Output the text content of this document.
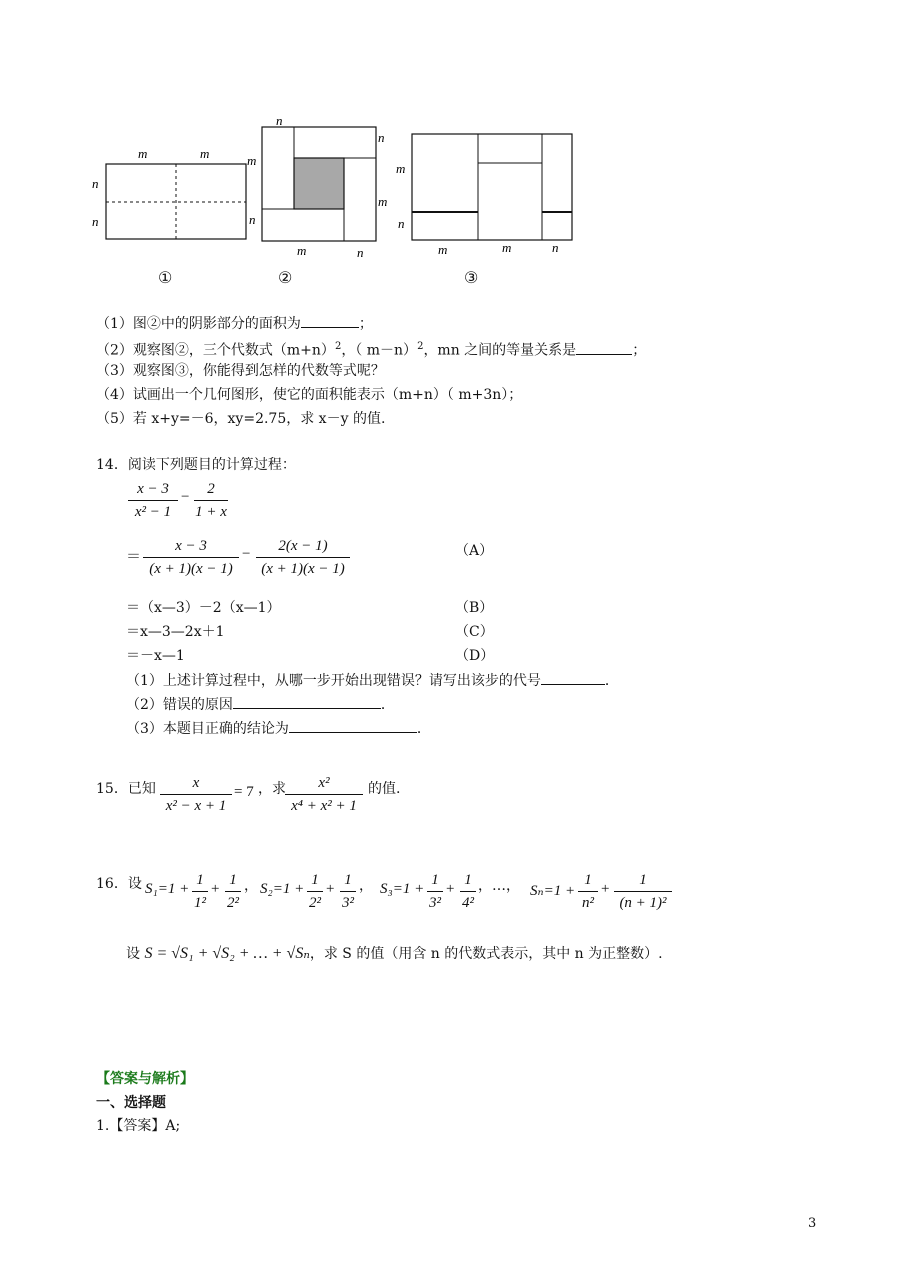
m	m
n
n
n
m
n
m
n
m	n
m
n
m	m	n
①	②	③
（1）图②中的阴影部分的面积为	；
（2）观察图②，三个代数式$(m+n)^2$，（ m－n）$^2$，mn 之间的等量关系是	；
（3）观察图③，你能得到怎样的代数等式呢？
（4）试画出一个几何图形，使它的面积能表示（m+n）（ m+3n）；
（5）若 x+y=－6，xy=2.75，求 x－y 的值.
14．阅读下列题目的计算过程：
x − 3
x² − 1
−	2
1 + x
＝
x − 3
(x + 1)(x − 1)
−	2(x − 1)
(x + 1)(x − 1)
（A）
＝（x—3）－2（x—1）	（B）
＝x—3—2x＋1	（C）
＝－x—1	（D）
（1）上述计算过程中，从哪一步开始出现错误？请写出该步的代号	．
（2）错误的原因	．
（3）本题目正确的结论为	．
15．已知	x
x² − x + 1
= 7 ，求	x²
x⁴ + x² + 1
的值.
16．设 S₁=1 +
1
1²
+
1
2²
， S₂=1 +
1
2²
+
1
3²
， S₃=1 +
1
3²
+
1
4²
，…， Sₙ=1 +
1
n²
+
1
(n + 1)²
设 S = √S₁ + √S₂ + … + √Sₙ，求 S 的值（用含 n 的代数式表示，其中 n 为正整数）.
【答案与解析】
一、选择题
1.【答案】A;
3
